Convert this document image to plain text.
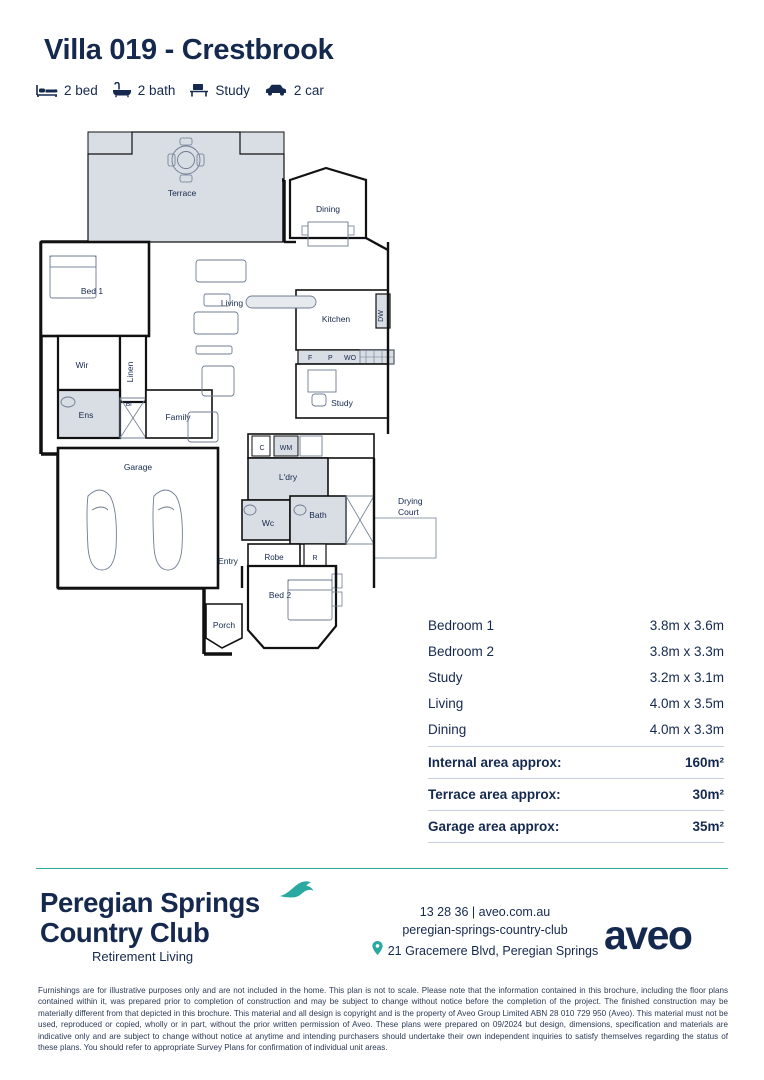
Villa 019 - Crestbrook
2 bed	2 bath	Study	2 car
Terrace
Bed 1
Wir	Linen
Br
Ens	Family
Living
Dining
Kitchen	DW
F P WO
Study
Garage
C WM
L'dry
Wc
Bath
Drying
Court
Entry	Robe	R
Porch
Bed 2
Bedroom 1	3.8m x 3.6m
Bedroom 2	3.8m x 3.3m
Study	3.2m x 3.1m
Living	4.0m x 3.5m
Dining	4.0m x 3.3m
Internal area approx:	160m²
Terrace area approx:	30m²
Garage area approx:	35m²
Peregian Springs
Country Club
Retirement Living
13 28 36 | aveo.com.au
peregian-springs-country-club
21 Gracemere Blvd, Peregian Springs aveo
Furnishings are for illustrative purposes only and are not included in the home. This plan is not to scale. Please note that the information contained in this brochure, including the floor plans contained within it, was prepared prior to completion of construction and may be subject to change without notice before the completion of the project. The finished construction may be materially different from that depicted in this brochure. This material and all design is copyright and is the property of Aveo Group Limited ABN 28 010 729 950 (Aveo). This material must not be used, reproduced or copied, wholly or in part, without the prior written permission of Aveo. These plans were prepared on 09/2024 but design, dimensions, specification and materials are indicative only and are subject to change without notice at anytime and intending purchasers should undertake their own independent inquiries to satisfy themselves regarding the status of these plans. You should refer to appropriate Survey Plans for confirmation of individual unit areas.
